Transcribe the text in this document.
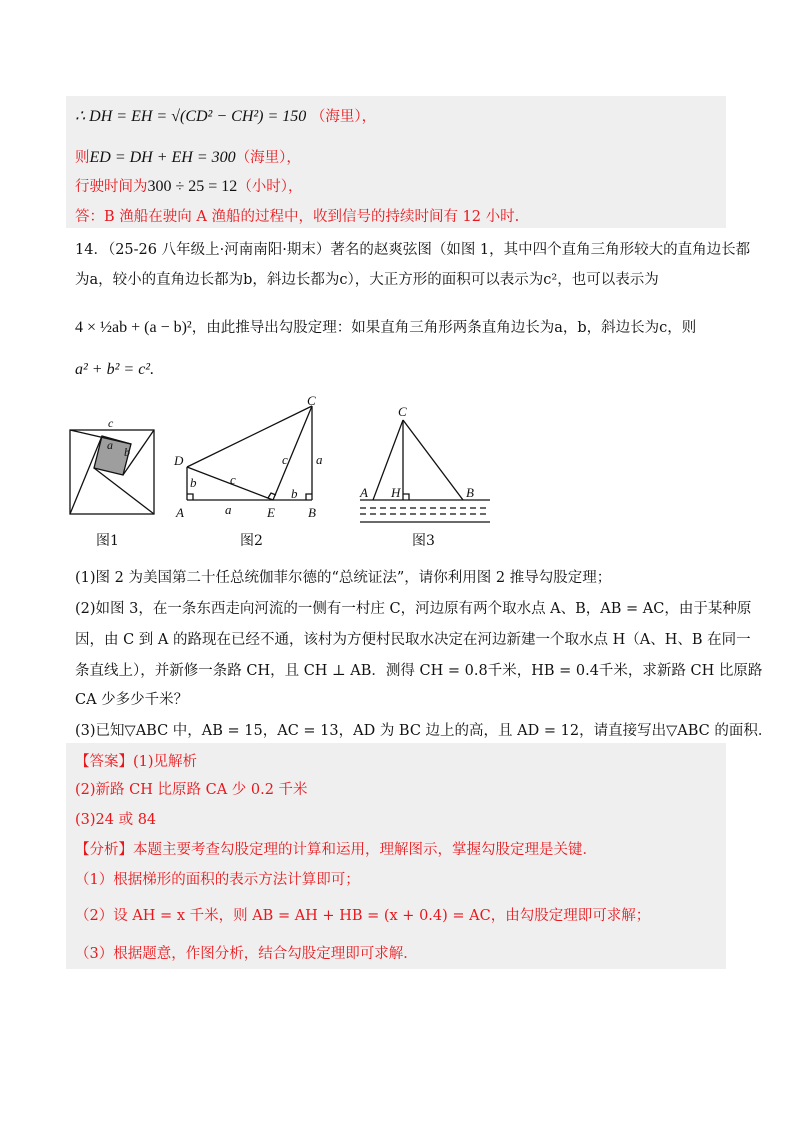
∴ DH = EH = √(CD² − CH²) = 150 （海里），
则ED = DH + EH = 300（海里），
行驶时间为300 ÷ 25 = 12（小时），
答：B 渔船在驶向 A 渔船的过程中，收到信号的持续时间有 12 小时.
14．（25-26 八年级上·河南南阳·期末）著名的赵爽弦图（如图 1，其中四个直角三角形较大的直角边长都
为a，较小的直角边长都为b，斜边长都为c），大正方形的面积可以表示为c²，也可以表示为
4 × ½ab + (a − b)²，由此推导出勾股定理：如果直角三角形两条直角边长为a，b，斜边长为c，则
a² + b² = c².
c
a b
D
A	E	B
C
b
a
c
c
b
a
C
A H	B
图1	图2	图3
(1)图 2 为美国第二十任总统伽菲尔德的“总统证法”，请你利用图 2 推导勾股定理；
(2)如图 3，在一条东西走向河流的一侧有一村庄 C，河边原有两个取水点 A、B，AB = AC，由于某种原
因，由 C 到 A 的路现在已经不通，该村为方便村民取水决定在河边新建一个取水点 H（A、H、B 在同一
条直线上），并新修一条路 CH，且 CH ⊥ AB．测得 CH = 0.8千米，HB = 0.4千米，求新路 CH 比原路
CA 少多少千米？
(3)已知▽ABC 中，AB = 15，AC = 13，AD 为 BC 边上的高，且 AD = 12，请直接写出▽ABC 的面积．
【答案】(1)见解析
(2)新路 CH 比原路 CA 少 0.2 千米
(3)24 或 84
【分析】本题主要考查勾股定理的计算和运用，理解图示，掌握勾股定理是关键．
（1）根据梯形的面积的表示方法计算即可；
（2）设 AH = x 千米，则 AB = AH + HB = (x + 0.4) = AC，由勾股定理即可求解；
（3）根据题意，作图分析，结合勾股定理即可求解．
